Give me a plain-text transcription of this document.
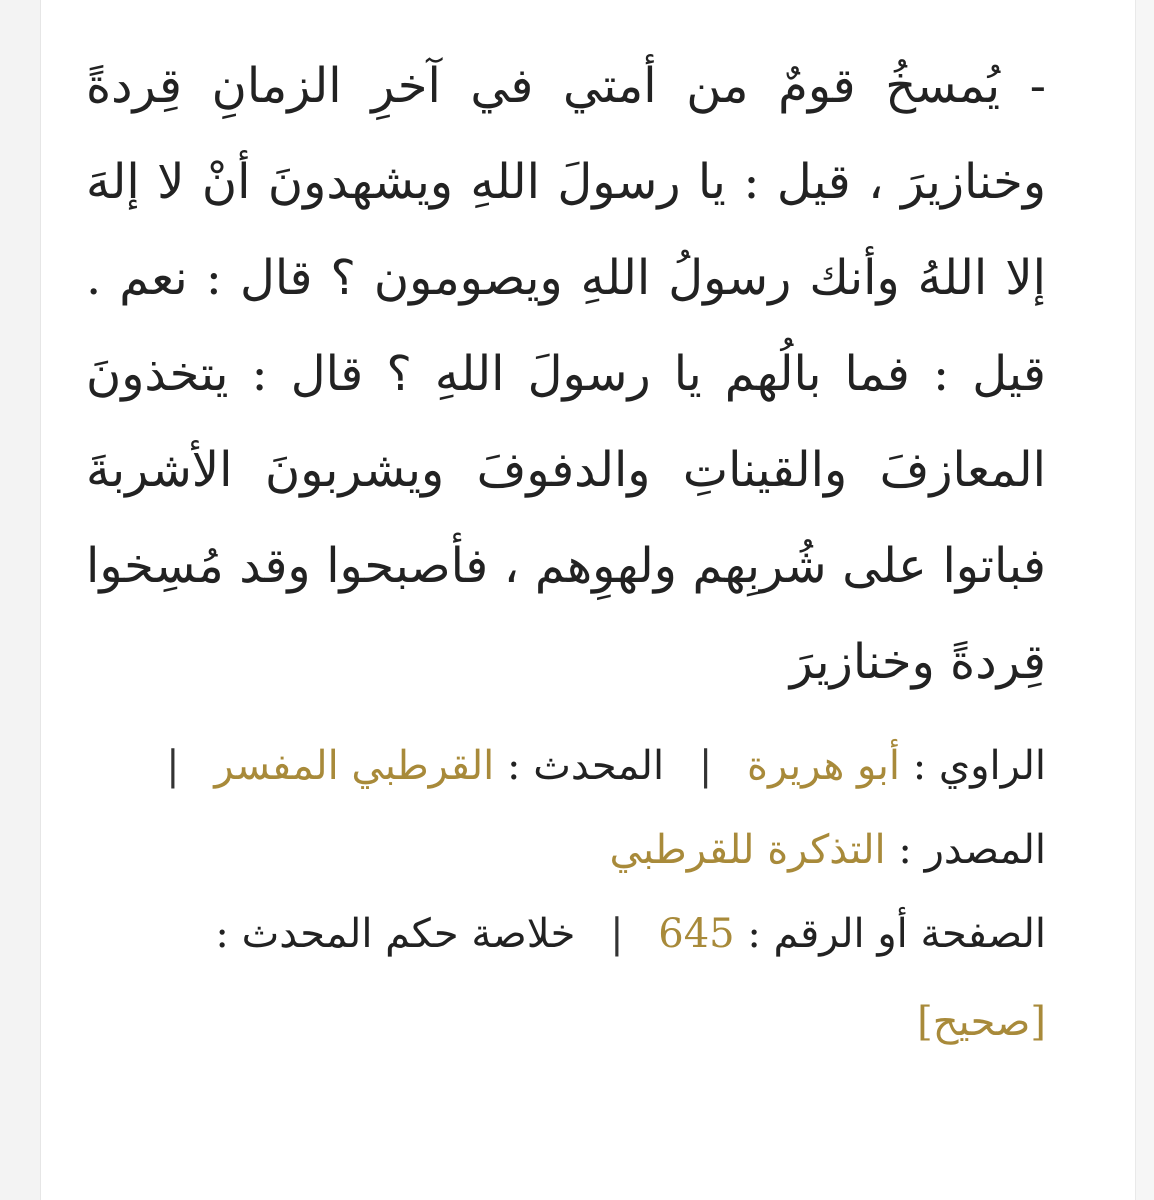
- يُمسخُ قومٌ من أمتي في آخرِ الزمانِ قِردةً وخنازيرَ ، قيل : يا رسولَ اللهِ ويشهدونَ أنْ لا إلهَ إلا اللهُ وأنك رسولُ اللهِ ويصومون ؟ قال : نعم . قيل : فما بالُهم يا رسولَ اللهِ ؟ قال : يتخذونَ المعازفَ والقيناتِ والدفوفَ ويشربونَ الأشربةَ فباتوا على شُربِهم ولهوِهم ، فأصبحوا وقد مُسِخوا قِردةً وخنازيرَ

الراوي : أبو هريرة | المحدث : القرطبي المفسر |
المصدر : التذكرة للقرطبي
الصفحة أو الرقم : 645 | خلاصة حكم المحدث :
[صحيح]
